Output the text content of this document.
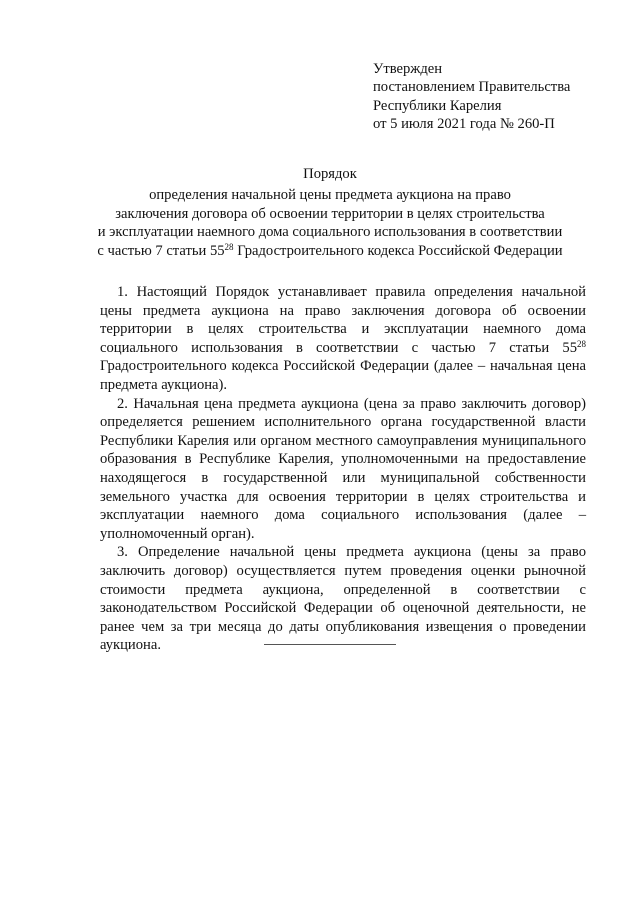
Утвержден
постановлением Правительства
Республики Карелия
от 5 июля 2021 года № 260-П
Порядок
определения начальной цены предмета аукциона на право
заключения договора об освоении территории в целях строительства
и эксплуатации наемного дома социального использования в соответствии
с частью 7 статьи $55^{28}$ Градостроительного кодекса Российской Федерации

1. Настоящий Порядок устанавливает правила определения начальной цены предмета аукциона на право заключения договора об освоении территории в целях строительства и эксплуатации наемного дома социального использования в соответствии с частью 7 статьи $55^{28}$ Градостроительного кодекса Российской Федерации (далее – начальная цена предмета аукциона).

2. Начальная цена предмета аукциона (цена за право заключить договор) определяется решением исполнительного органа государственной власти Республики Карелия или органом местного самоуправления муниципального образования в Республике Карелия, уполномоченными на предоставление находящегося в государственной или муниципальной собственности земельного участка для освоения территории в целях строительства и эксплуатации наемного дома социального использования (далее – уполномоченный орган).

3. Определение начальной цены предмета аукциона (цены за право заключить договор) осуществляется путем проведения оценки рыночной стоимости предмета аукциона, определенной в соответствии с законодательством Российской Федерации об оценочной деятельности, не ранее чем за три месяца до даты опубликования извещения о проведении аукциона.
